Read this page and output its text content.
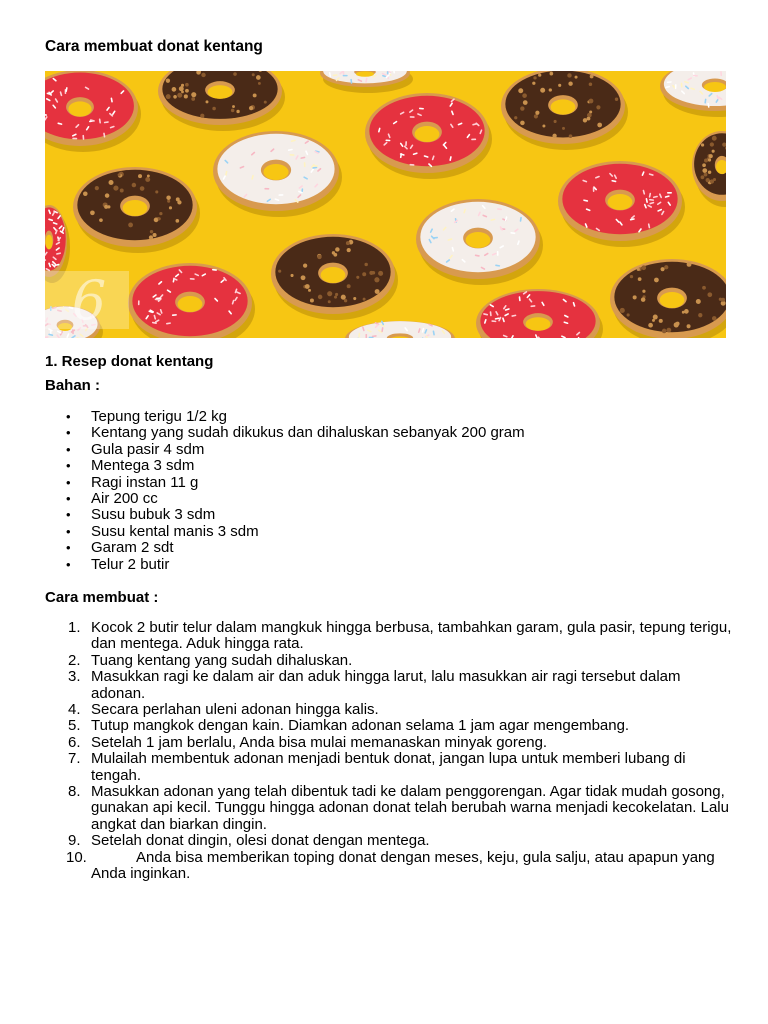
Cara membuat donat kentang
6
1. Resep donat kentang
Bahan :
• Tepung terigu 1/2 kg
• Kentang yang sudah dikukus dan dihaluskan sebanyak 200 gram
• Gula pasir 4 sdm
• Mentega 3 sdm
• Ragi instan 11 g
• Air 200 cc
• Susu bubuk 3 sdm
• Susu kental manis 3 sdm
• Garam 2 sdt
• Telur 2 butir
Cara membuat :
1. Kocok 2 butir telur dalam mangkuk hingga berbusa, tambahkan garam, gula pasir, tepung terigu, dan mentega. Aduk hingga rata.
2. Tuang kentang yang sudah dihaluskan.
3. Masukkan ragi ke dalam air dan aduk hingga larut, lalu masukkan air ragi tersebut dalam adonan.
4. Secara perlahan uleni adonan hingga kalis.
5. Tutup mangkok dengan kain. Diamkan adonan selama 1 jam agar mengembang.
6. Setelah 1 jam berlalu, Anda bisa mulai memanaskan minyak goreng.
7. Mulailah membentuk adonan menjadi bentuk donat, jangan lupa untuk memberi lubang di tengah.
8. Masukkan adonan yang telah dibentuk tadi ke dalam penggorengan. Agar tidak mudah gosong, gunakan api kecil. Tunggu hingga adonan donat telah berubah warna menjadi kecokelatan. Lalu angkat dan biarkan dingin.
9. Setelah donat dingin, olesi donat dengan mentega.
10.	Anda bisa memberikan toping donat dengan meses, keju, gula salju, atau apapun yang Anda inginkan.
